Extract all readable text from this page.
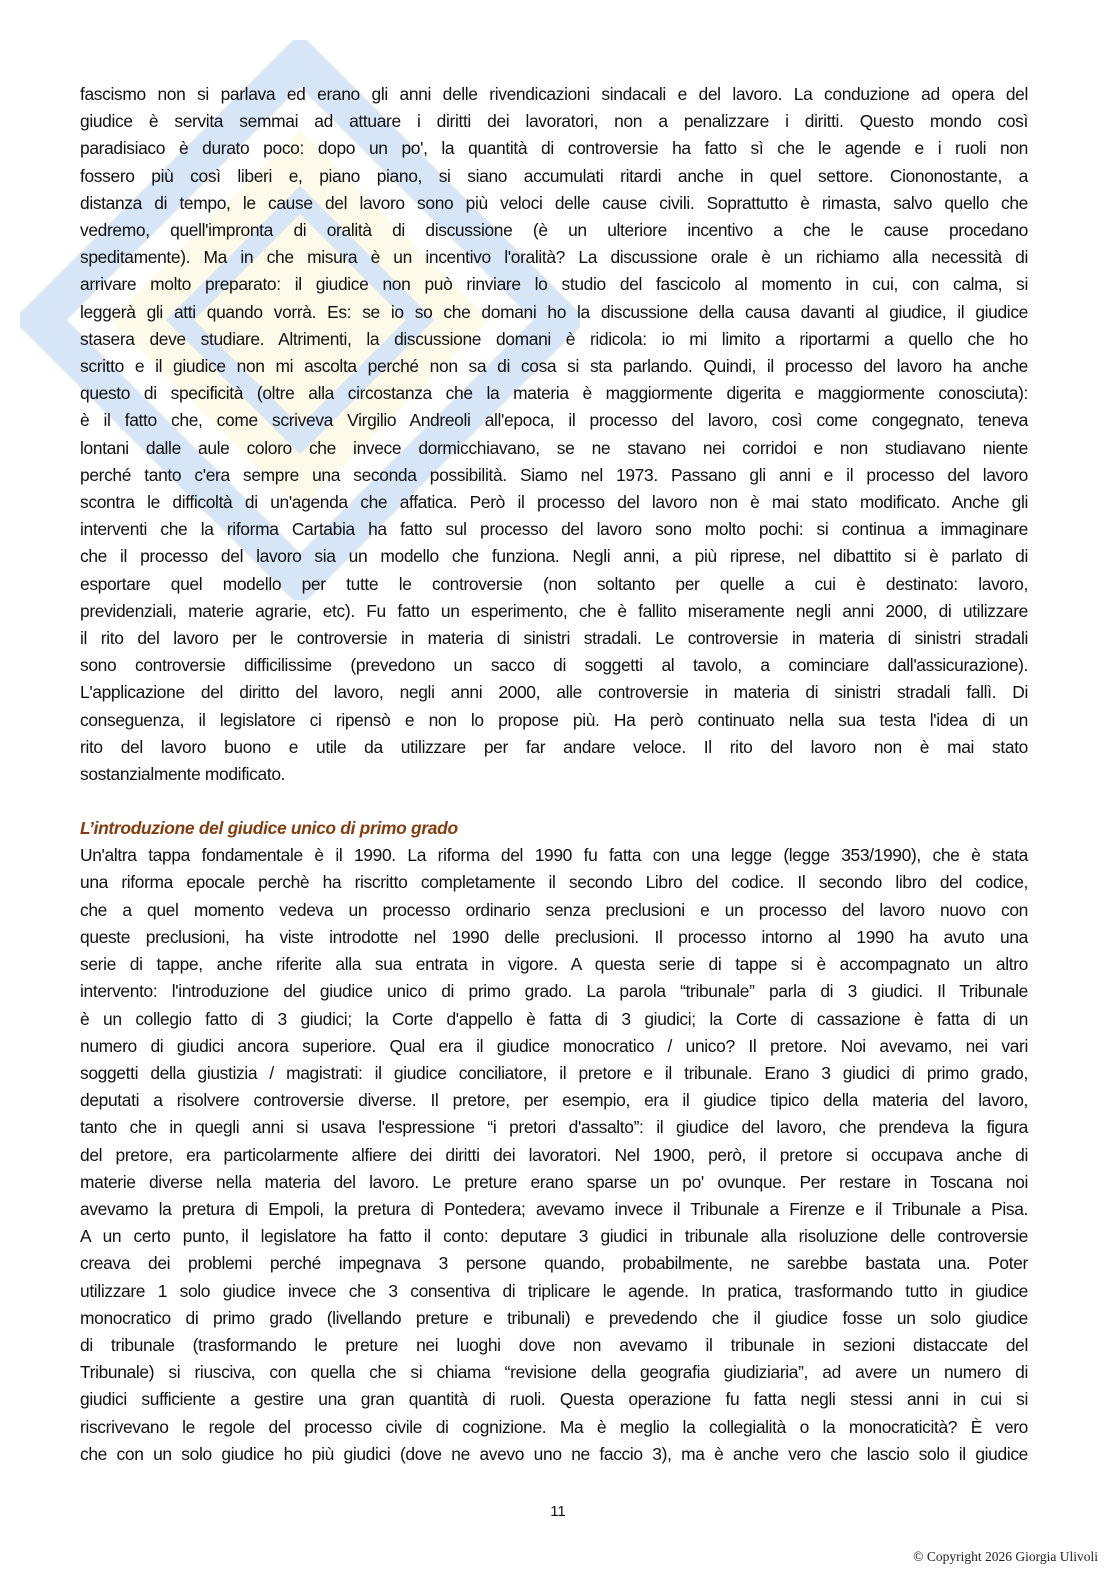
fascismo non si parlava ed erano gli anni delle rivendicazioni sindacali e del lavoro. La conduzione ad opera del

giudice è servita semmai ad attuare i diritti dei lavoratori, non a penalizzare i diritti. Questo mondo così

paradisiaco è durato poco: dopo un po', la quantità di controversie ha fatto sì che le agende e i ruoli non

fossero più così liberi e, piano piano, si siano accumulati ritardi anche in quel settore. Ciononostante, a

distanza di tempo, le cause del lavoro sono più veloci delle cause civili. Soprattutto è rimasta, salvo quello che

vedremo, quell'impronta di oralità di discussione (è un ulteriore incentivo a che le cause procedano

speditamente). Ma in che misura è un incentivo l'oralità? La discussione orale è un richiamo alla necessità di

arrivare molto preparato: il giudice non può rinviare lo studio del fascicolo al momento in cui, con calma, si

leggerà gli atti quando vorrà. Es: se io so che domani ho la discussione della causa davanti al giudice, il giudice

stasera deve studiare. Altrimenti, la discussione domani è ridicola: io mi limito a riportarmi a quello che ho

scritto e il giudice non mi ascolta perché non sa di cosa si sta parlando. Quindi, il processo del lavoro ha anche

questo di specificità (oltre alla circostanza che la materia è maggiormente digerita e maggiormente conosciuta):

è il fatto che, come scriveva Virgilio Andreoli all'epoca, il processo del lavoro, così come congegnato, teneva

lontani dalle aule coloro che invece dormicchiavano, se ne stavano nei corridoi e non studiavano niente

perché tanto c'era sempre una seconda possibilità. Siamo nel 1973. Passano gli anni e il processo del lavoro

scontra le difficoltà di un'agenda che affatica. Però il processo del lavoro non è mai stato modificato. Anche gli

interventi che la riforma Cartabia ha fatto sul processo del lavoro sono molto pochi: si continua a immaginare

che il processo del lavoro sia un modello che funziona. Negli anni, a più riprese, nel dibattito si è parlato di

esportare quel modello per tutte le controversie (non soltanto per quelle a cui è destinato: lavoro,

previdenziali, materie agrarie, etc). Fu fatto un esperimento, che è fallito miseramente negli anni 2000, di utilizzare

il rito del lavoro per le controversie in materia di sinistri stradali. Le controversie in materia di sinistri stradali

sono controversie difficilissime (prevedono un sacco di soggetti al tavolo, a cominciare dall'assicurazione).

L'applicazione del diritto del lavoro, negli anni 2000, alle controversie in materia di sinistri stradali fallì. Di

conseguenza, il legislatore ci ripensò e non lo propose più. Ha però continuato nella sua testa l'idea di un

rito del lavoro buono e utile da utilizzare per far andare veloce. Il rito del lavoro non è mai stato

sostanzialmente modificato.

L’introduzione del giudice unico di primo grado

Un'altra tappa fondamentale è il 1990. La riforma del 1990 fu fatta con una legge (legge 353/1990), che è stata

una riforma epocale perchè ha riscritto completamente il secondo Libro del codice. Il secondo libro del codice,

che a quel momento vedeva un processo ordinario senza preclusioni e un processo del lavoro nuovo con

queste preclusioni, ha viste introdotte nel 1990 delle preclusioni. Il processo intorno al 1990 ha avuto una

serie di tappe, anche riferite alla sua entrata in vigore. A questa serie di tappe si è accompagnato un altro

intervento: l'introduzione del giudice unico di primo grado. La parola “tribunale” parla di 3 giudici. Il Tribunale

è un collegio fatto di 3 giudici; la Corte d'appello è fatta di 3 giudici; la Corte di cassazione è fatta di un

numero di giudici ancora superiore. Qual era il giudice monocratico / unico? Il pretore. Noi avevamo, nei vari

soggetti della giustizia / magistrati: il giudice conciliatore, il pretore e il tribunale. Erano 3 giudici di primo grado,

deputati a risolvere controversie diverse. Il pretore, per esempio, era il giudice tipico della materia del lavoro,

tanto che in quegli anni si usava l'espressione “i pretori d'assalto”: il giudice del lavoro, che prendeva la figura

del pretore, era particolarmente alfiere dei diritti dei lavoratori. Nel 1900, però, il pretore si occupava anche di

materie diverse nella materia del lavoro. Le preture erano sparse un po' ovunque. Per restare in Toscana noi

avevamo la pretura di Empoli, la pretura di Pontedera; avevamo invece il Tribunale a Firenze e il Tribunale a Pisa.

A un certo punto, il legislatore ha fatto il conto: deputare 3 giudici in tribunale alla risoluzione delle controversie

creava dei problemi perché impegnava 3 persone quando, probabilmente, ne sarebbe bastata una. Poter

utilizzare 1 solo giudice invece che 3 consentiva di triplicare le agende. In pratica, trasformando tutto in giudice

monocratico di primo grado (livellando preture e tribunali) e prevedendo che il giudice fosse un solo giudice

di tribunale (trasformando le preture nei luoghi dove non avevamo il tribunale in sezioni distaccate del

Tribunale) si riusciva, con quella che si chiama “revisione della geografia giudiziaria”, ad avere un numero di

giudici sufficiente a gestire una gran quantità di ruoli. Questa operazione fu fatta negli stessi anni in cui si

riscrivevano le regole del processo civile di cognizione. Ma è meglio la collegialità o la monocraticità? È vero

che con un solo giudice ho più giudici (dove ne avevo uno ne faccio 3), ma è anche vero che lascio solo il giudice

11
© Copyright 2026 Giorgia Ulivoli
